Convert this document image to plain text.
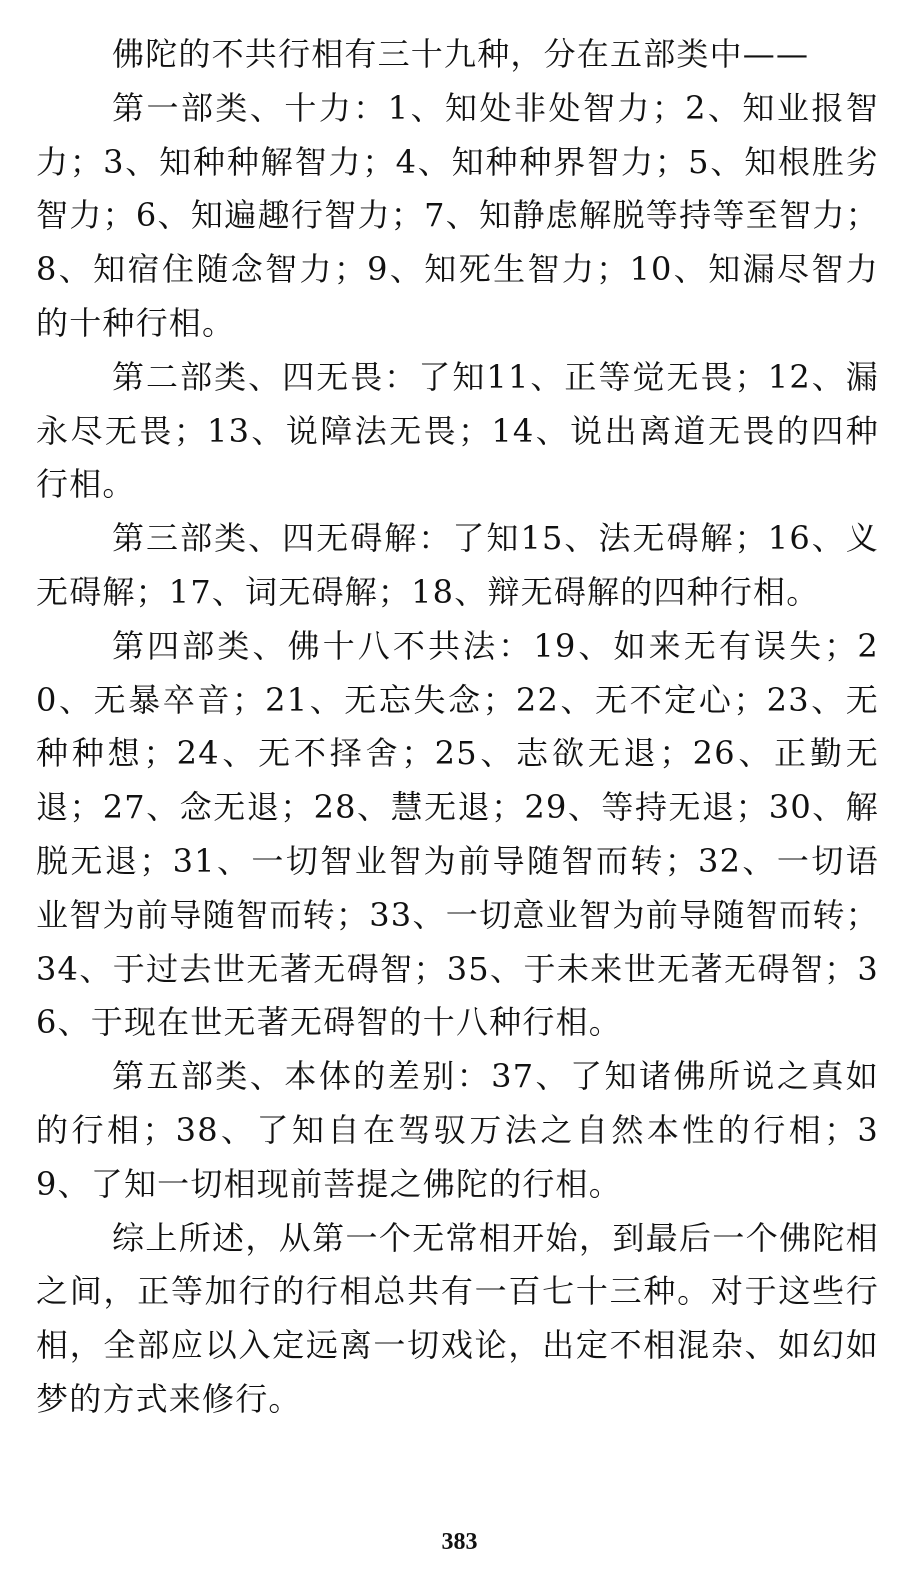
佛陀的不共行相有三十九种，分在五部类中——

第一部类、十力：1、知处非处智力；2、知业报智力；3、知种种解智力；4、知种种界智力；5、知根胜劣智力；6、知遍趣行智力；7、知静虑解脱等持等至智力；8、知宿住随念智力；9、知死生智力；10、知漏尽智力的十种行相。

第二部类、四无畏：了知11、正等觉无畏；12、漏永尽无畏；13、说障法无畏；14、说出离道无畏的四种行相。

第三部类、四无碍解：了知15、法无碍解；16、义无碍解；17、词无碍解；18、辩无碍解的四种行相。

第四部类、佛十八不共法：19、如来无有误失；20、无暴卒音；21、无忘失念；22、无不定心；23、无种种想；24、无不择舍；25、志欲无退；26、正勤无退；27、念无退；28、慧无退；29、等持无退；30、解脱无退；31、一切智业智为前导随智而转；32、一切语业智为前导随智而转；33、一切意业智为前导随智而转；34、于过去世无著无碍智；35、于未来世无著无碍智；36、于现在世无著无碍智的十八种行相。

第五部类、本体的差别：37、了知诸佛所说之真如的行相；38、了知自在驾驭万法之自然本性的行相；39、了知一切相现前菩提之佛陀的行相。

综上所述，从第一个无常相开始，到最后一个佛陀相之间，正等加行的行相总共有一百七十三种。对于这些行相，全部应以入定远离一切戏论，出定不相混杂、如幻如梦的方式来修行。

383
